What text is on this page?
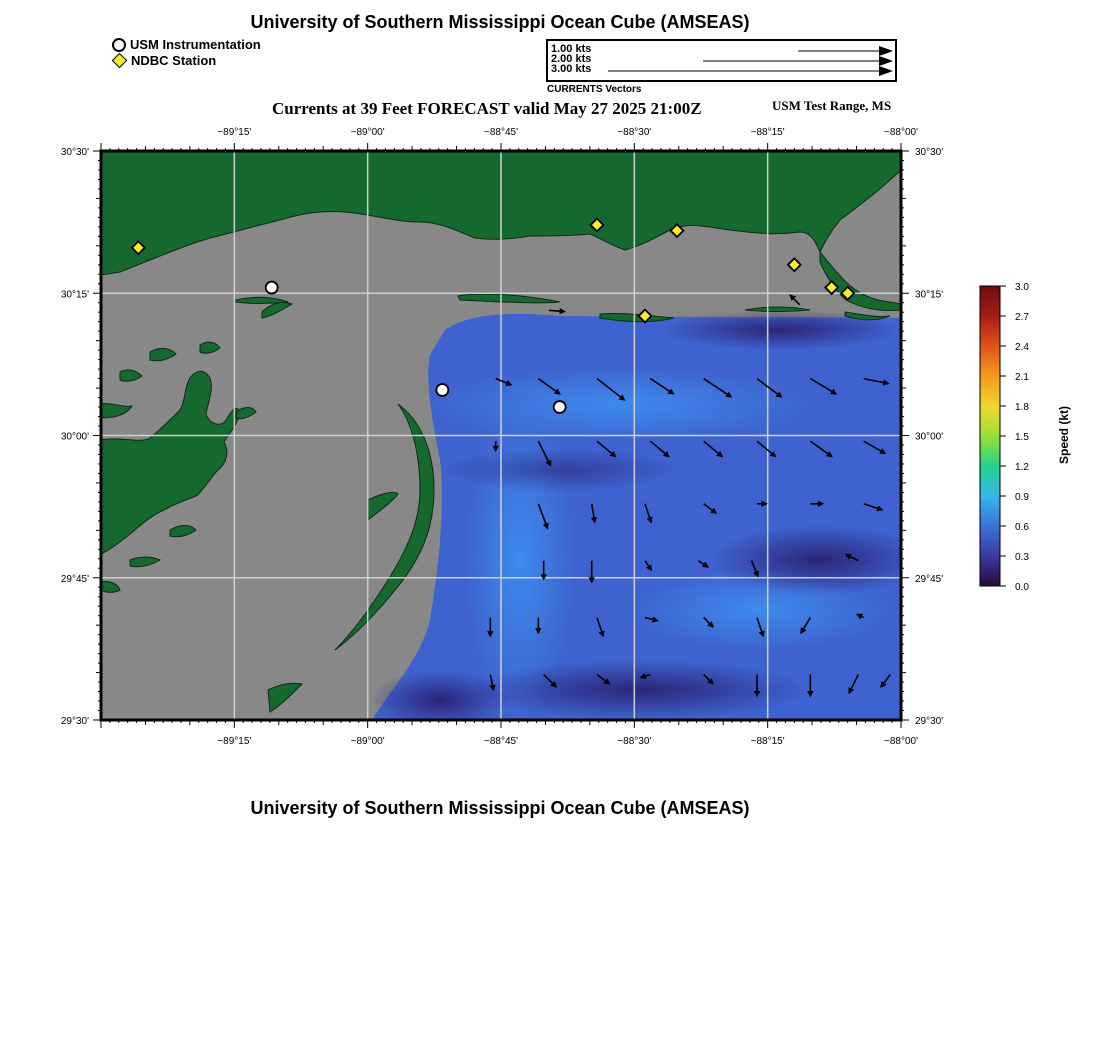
University of Southern Mississippi Ocean Cube (AMSEAS)
University of Southern Mississippi Ocean Cube (AMSEAS)
USM Instrumentation
NDBC Station
1.00 kts
2.00 kts
3.00 kts
CURRENTS Vectors
Currents at 39 Feet FORECAST valid May 27 2025 21:00Z	USM Test Range, MS
Speed (kt)
−89°15'
−89°15'
−89°00'
−89°00'
−88°45'
−88°45'
−88°30'
−88°30'
−88°15'
−88°15'
−88°00'
−88°00'
30°30'	30°30'
30°15'	30°15'
30°00'	30°00'
29°45'	29°45'
29°30'	29°30'
3.0
2.7
2.4
2.1
1.8
1.5
1.2
0.9
0.6
0.3
0.0
